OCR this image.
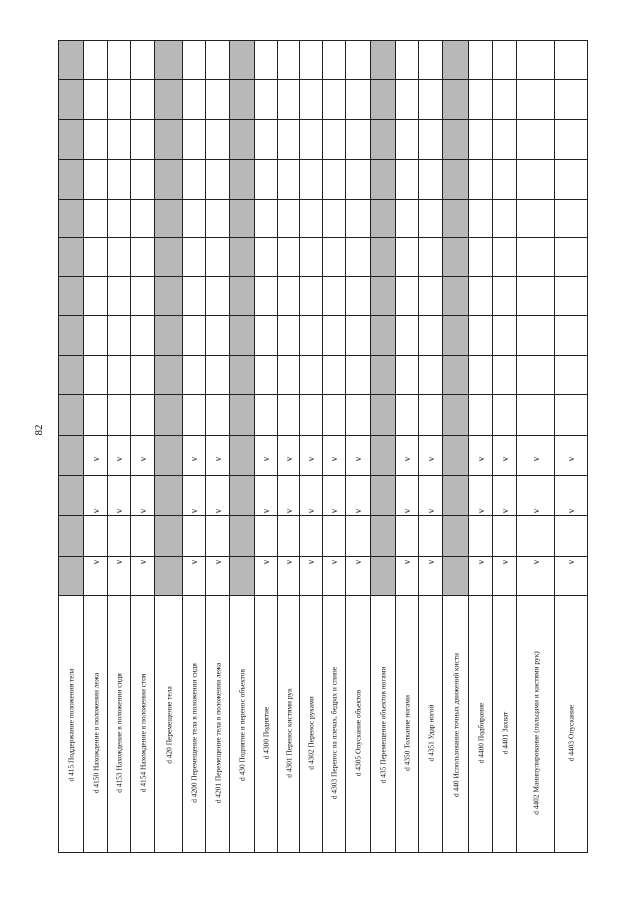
82
d 415 Поддержание положения тела d 4150 Нахождение в положении лежа
v
v
v
d 4153 Нахождение в положении сидя
v
v
v
d 4154 Нахождение в положении стоя
v
v
v
d 420 Перемещение тела d 4200 Перемещение тела в положении сидя
v
v
v
d 4201 Перемещение тела в положении лежа
v
v
v
d 430 Поднятие и перенос объектов d 4300 Поднятие
v
v
v
d 4301 Перенос кистями рук
v
v
v
d 4302 Перенос руками
v
v
v
d 4303 Перенос на плечах, бедрах и спине
v
v
v
d 4305 Опускание объектов
v
v
v
d 435 Перемещение объектов ногами d 4350 Толкание ногами
v
v
v
d 4351 Удар ногой
v
v
v
d 440 Использование точных движений кисти d 4400 Подбирание
v
v
v
d 4401 Захват
v
v
v
d 4402 Манипулирование (пальцами и кистями рук)
v
v
v
d 4403 Опускание
v
v
v
